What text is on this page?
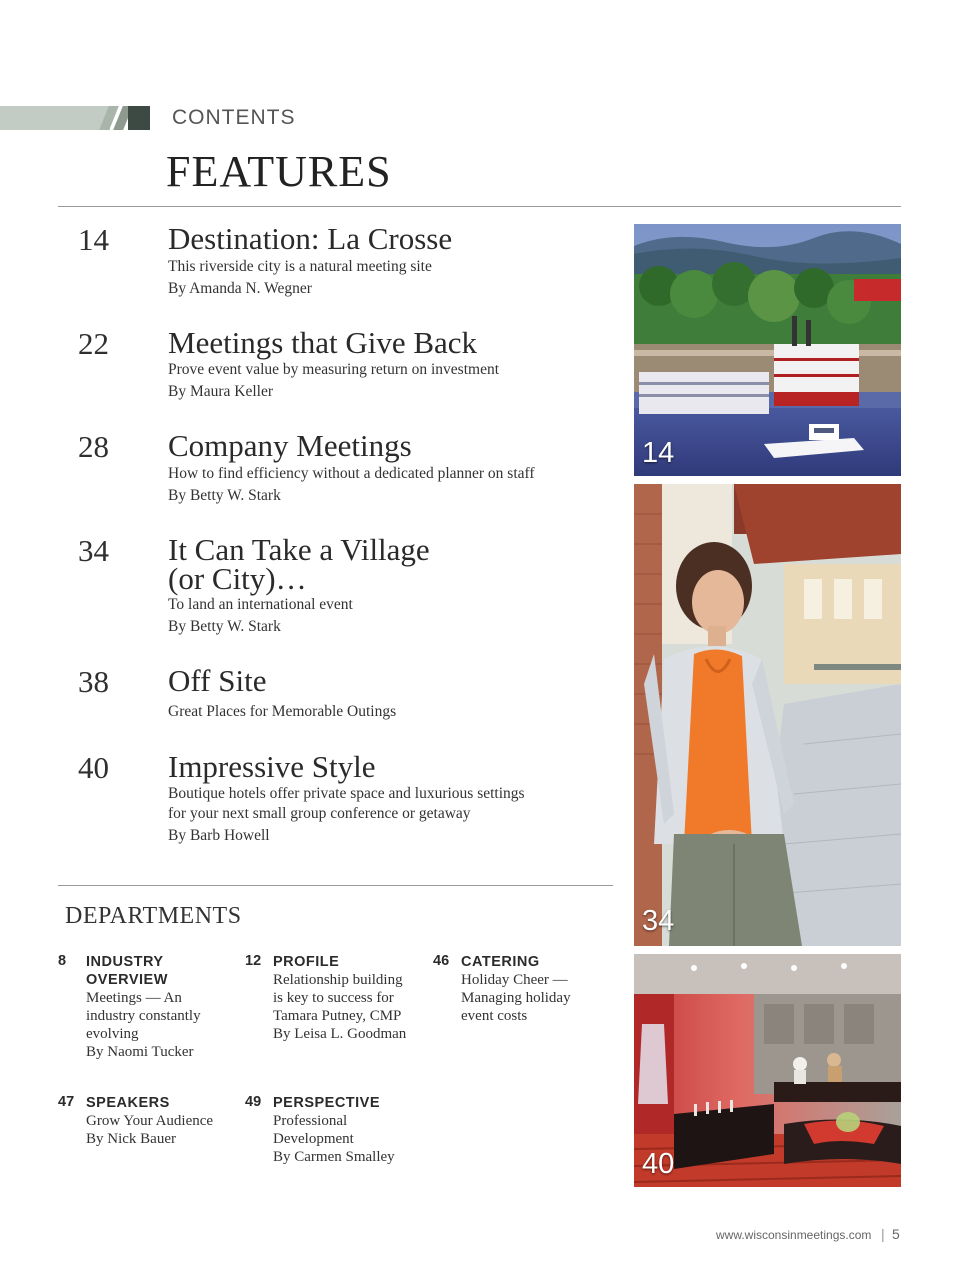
CONTENTS
FEATURES
14	Destination: La Crosse
This riverside city is a natural meeting site
By Amanda N. Wegner
22	Meetings that Give Back
Prove event value by measuring return on investment
By Maura Keller
28	Company Meetings
How to find efficiency without a dedicated planner on staff
By Betty W. Stark
34	It Can Take a Village
(or City)…
To land an international event
By Betty W. Stark
38	Off Site
Great Places for Memorable Outings
40	Impressive Style
Boutique hotels offer private space and luxurious settings
for your next small group conference or getaway
By Barb Howell
DEPARTMENTS
8 INDUSTRY
OVERVIEW
Meetings — An
industry constantly
evolving
By Naomi Tucker
12 PROFILE
Relationship building
is key to success for
Tamara Putney, CMP
By Leisa L. Goodman
46 CATERING
Holiday Cheer —
Managing holiday
event costs
47 SPEAKERS
Grow Your Audience
By Nick Bauer
49 PERSPECTIVE
Professional
Development
By Carmen Smalley
14
34
40
www.wisconsinmeetings.com | 5
